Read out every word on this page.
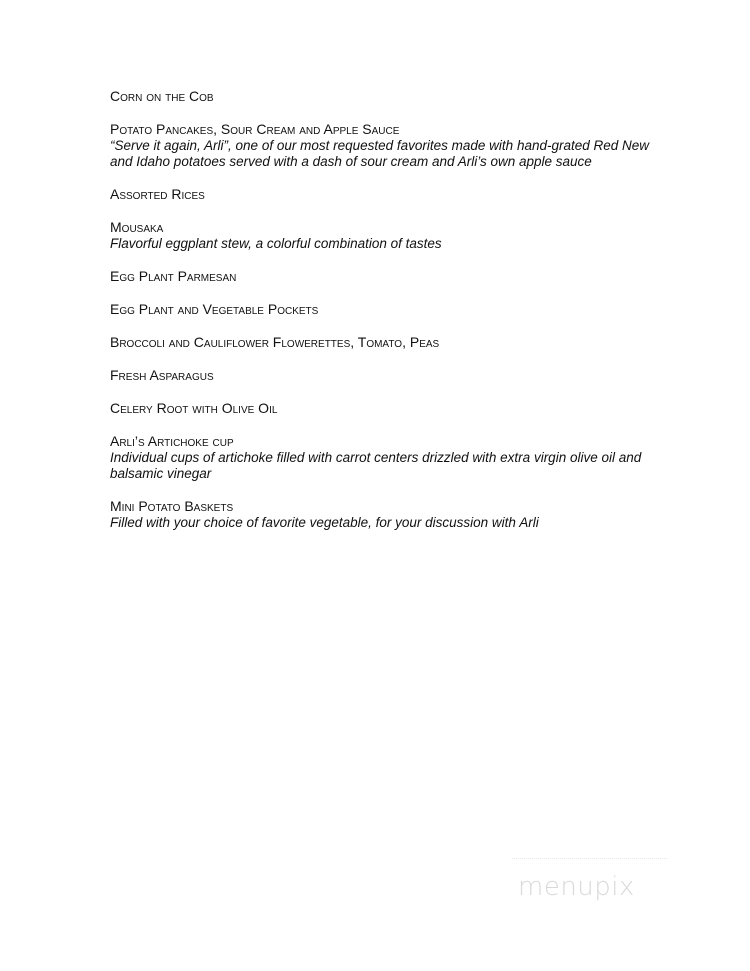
Corn on the Cob
Potato Pancakes, Sour Cream and Apple Sauce
“Serve it again, Arli”, one of our most requested favorites made with hand-grated Red New and Idaho potatoes served with a dash of sour cream and Arli’s own apple sauce
Assorted Rices
Mousaka
Flavorful eggplant stew, a colorful combination of tastes
Egg Plant Parmesan
Egg Plant and Vegetable Pockets
Broccoli and Cauliflower Flowerettes, Tomato, Peas
Fresh Asparagus
Celery Root with Olive Oil
Arli’s Artichoke cup
Individual cups of artichoke filled with carrot centers drizzled with extra virgin olive oil and balsamic vinegar
Mini Potato Baskets
Filled with your choice of favorite vegetable, for your discussion with Arli
menupix
